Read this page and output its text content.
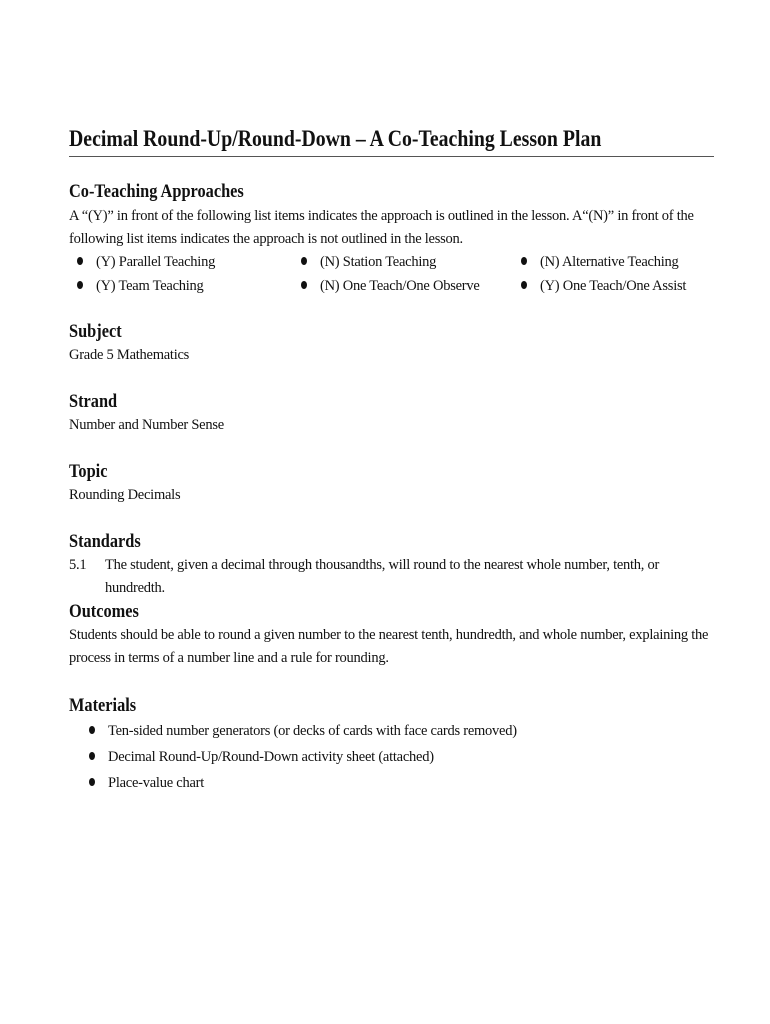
Decimal Round-Up/Round-Down – A Co-Teaching Lesson Plan
Co-Teaching Approaches

A “(Y)” in front of the following list items indicates the approach is outlined in the lesson. A“(N)” in front of the following list items indicates the approach is not outlined in the lesson.

(Y) Parallel Teaching	(N) Station Teaching	(N) Alternative Teaching
(Y) Team Teaching	(N) One Teach/One Observe	(Y) One Teach/One Assist
Subject

Grade 5 Mathematics

Strand

Number and Number Sense

Topic

Rounding Decimals

Standards
5.1	The student, given a decimal through thousandths, will round to the nearest whole number, tenth, or hundredth.
Outcomes

Students should be able to round a given number to the nearest tenth, hundredth, and whole number, explaining the process in terms of a number line and a rule for rounding.

Materials
Ten-sided number generators (or decks of cards with face cards removed)
Decimal Round-Up/Round-Down activity sheet (attached)
Place-value chart
